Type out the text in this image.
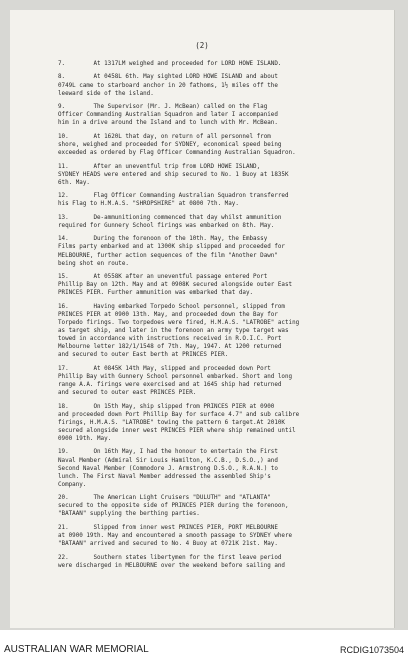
(2)

7.        At 1317LM weighed and proceeded for LORD HOWE ISLAND.

8.        At 0458L 6th. May sighted LORD HOWE ISLAND and about
0749L came to starboard anchor in 20 fathoms, 1½ miles off the
leeward side of the island.

9.        The Supervisor (Mr. J. McBean) called on the Flag
Officer Commanding Australian Squadron and later I accompanied
him in a drive around the Island and to lunch with Mr. McBean.

10.       At 1620L that day, on return of all personnel from
shore, weighed and proceeded for SYDNEY, economical speed being
exceeded as ordered by Flag Officer Commanding Australian Squadron.

11.       After an uneventful trip from LORD HOWE ISLAND,
SYDNEY HEADS were entered and ship secured to No. 1 Buoy at 1835K
6th. May.

12.       Flag Officer Commanding Australian Squadron transferred
his Flag to H.M.A.S. "SHROPSHIRE" at 0800 7th. May.

13.       De-ammunitioning commenced that day whilst ammunition
required for Gunnery School firings was embarked on 8th. May.

14.       During the forenoon of the 10th. May, the Embassy
Films party embarked and at 1300K ship slipped and proceeded for
MELBOURNE, further action sequences of the film "Another Dawn"
being shot en route.

15.       At 0558K after an uneventful passage entered Port
Phillip Bay on 12th. May and at 0908K secured alongside outer East
PRINCES PIER. Further ammunition was embarked that day.

16.       Having embarked Torpedo School personnel, slipped from
PRINCES PIER at 0900 13th. May, and proceeded down the Bay for
Torpedo firings. Two torpedoes were fired, H.M.A.S. "LATROBE" acting
as target ship, and later in the forenoon an army type target was
towed in accordance with instructions received in R.O.I.C. Port
Melbourne letter 182/1/1548 of 7th. May, 1947. At 1200 returned
and secured to outer East berth at PRINCES PIER.

17.       At 0845K 14th May, slipped and proceeded down Port
Phillip Bay with Gunnery School personnel embarked. Short and long
range A.A. firings were exercised and at 1645 ship had returned
and secured to outer east PRINCES PIER.

18.       On 15th May, ship slipped from PRINCES PIER at 0900
and proceeded down Port Phillip Bay for surface 4.7" and sub calibre
firings, H.M.A.S. "LATROBE" towing the pattern 6 target.At 2010K
secured alongside inner west PRINCES PIER where ship remained until
0900 19th. May.

19.       On 16th May, I had the honour to entertain the First
Naval Member (Admiral Sir Louis Hamilton, K.C.B., D.S.O.,) and
Second Naval Member (Commodore J. Armstrong D.S.O., R.A.N.) to
lunch. The First Naval Member addressed the assembled Ship's
Company.

20.       The American Light Cruisers "DULUTH" and "ATLANTA"
secured to the opposite side of PRINCES PIER during the forenoon,
"BATAAN" supplying the berthing parties.

21.       Slipped from inner west PRINCES PIER, PORT MELBOURNE
at 0900 19th. May and encountered a smooth passage to SYDNEY where
"BATAAN" arrived and secured to No. 4 Buoy at 0721K 21st. May.

22.       Southern states libertymen for the first leave period
were discharged in MELBOURNE over the weekend before sailing and

AUSTRALIAN WAR MEMORIAL	RCDIG1073504
